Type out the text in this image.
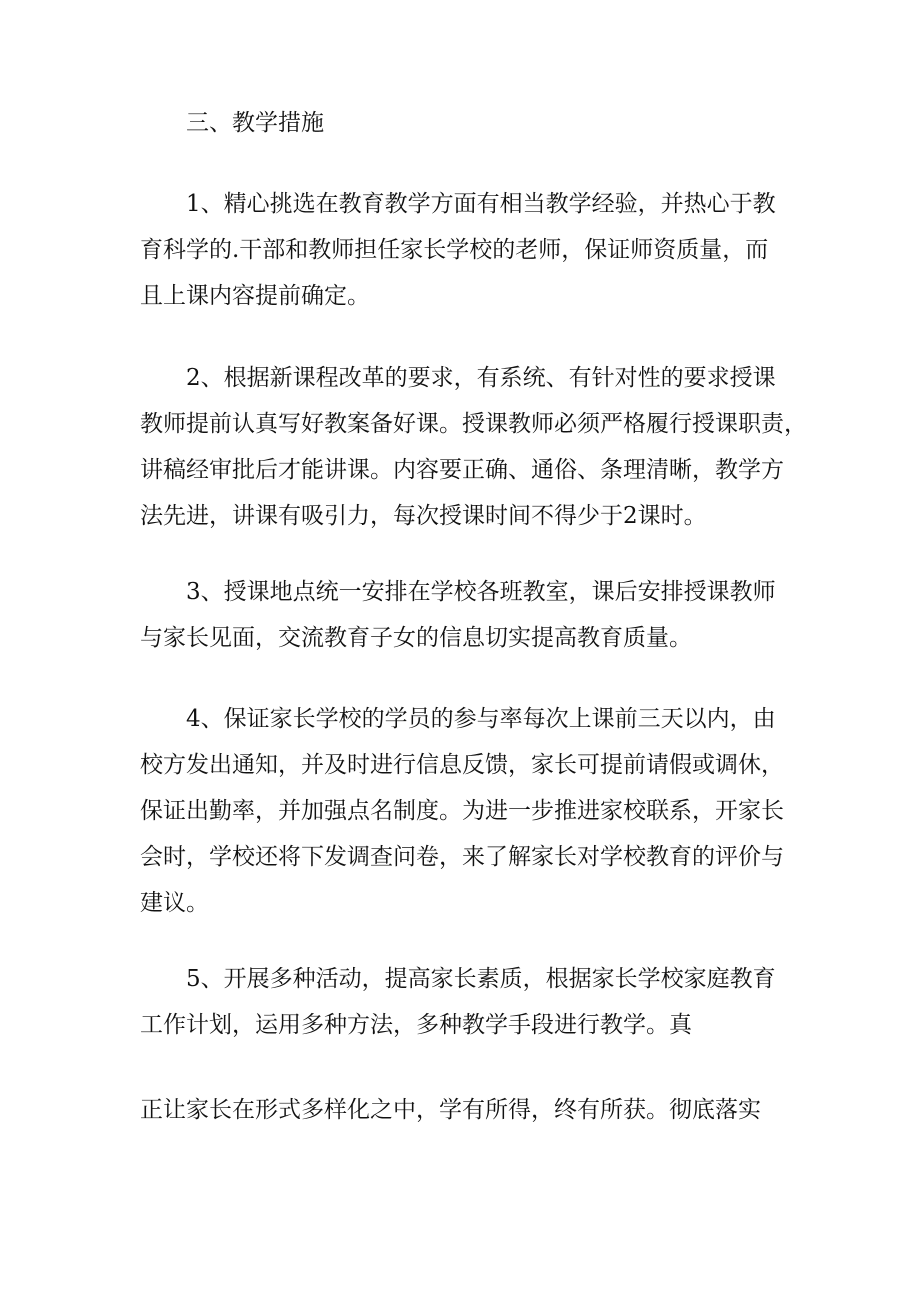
　　三、教学措施

　　1、精心挑选在教育教学方面有相当教学经验，并热心于教
育科学的.干部和教师担任家长学校的老师，保证师资质量，而
且上课内容提前确定。

　　2、根据新课程改革的要求，有系统、有针对性的要求授课
教师提前认真写好教案备好课。授课教师必须严格履行授课职责，
讲稿经审批后才能讲课。内容要正确、通俗、条理清晰，教学方
法先进，讲课有吸引力，每次授课时间不得少于2课时。

　　3、授课地点统一安排在学校各班教室，课后安排授课教师
与家长见面，交流教育子女的信息切实提高教育质量。

　　4、保证家长学校的学员的参与率每次上课前三天以内，由
校方发出通知，并及时进行信息反馈，家长可提前请假或调休，
保证出勤率，并加强点名制度。为进一步推进家校联系，开家长
会时，学校还将下发调查问卷，来了解家长对学校教育的评价与
建议。

　　5、开展多种活动，提高家长素质，根据家长学校家庭教育
工作计划，运用多种方法，多种教学手段进行教学。真

正让家长在形式多样化之中，学有所得，终有所获。彻底落实
